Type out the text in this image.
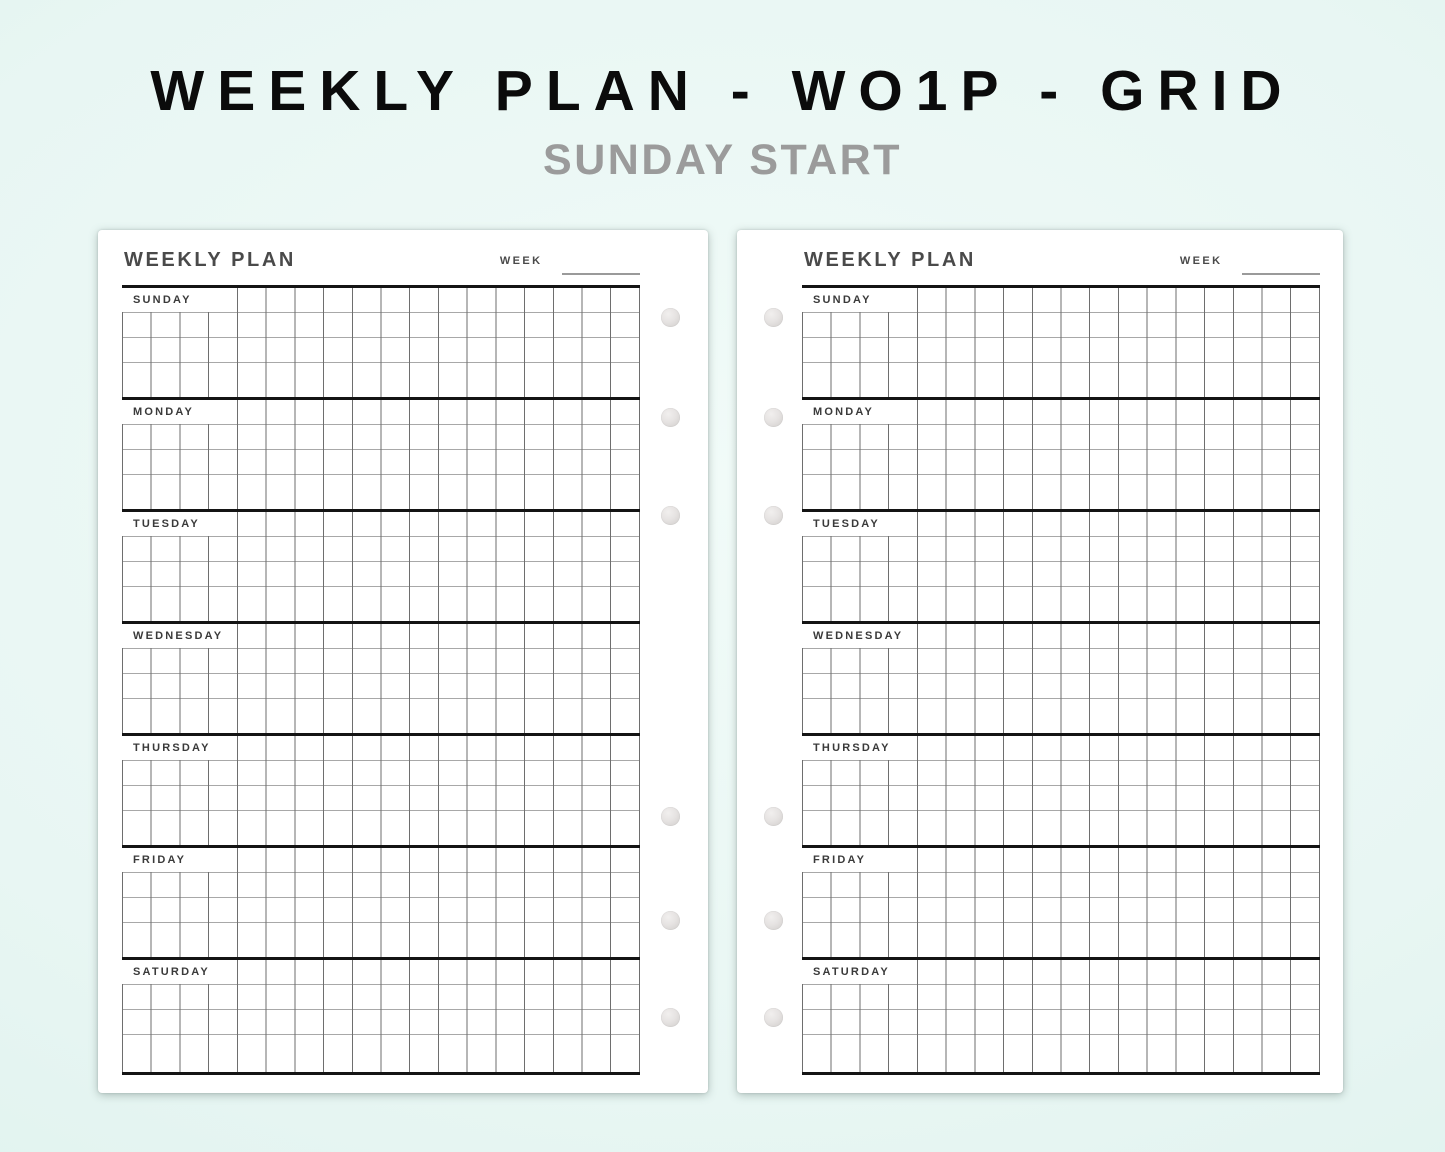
WEEKLY PLAN - WO1P - GRID
SUNDAY START
WEEKLY PLAN	WEEK
SUNDAY
MONDAY
TUESDAY
WEDNESDAY
THURSDAY
FRIDAY
SATURDAY
WEEKLY PLAN	WEEK
SUNDAY
MONDAY
TUESDAY
WEDNESDAY
THURSDAY
FRIDAY
SATURDAY
